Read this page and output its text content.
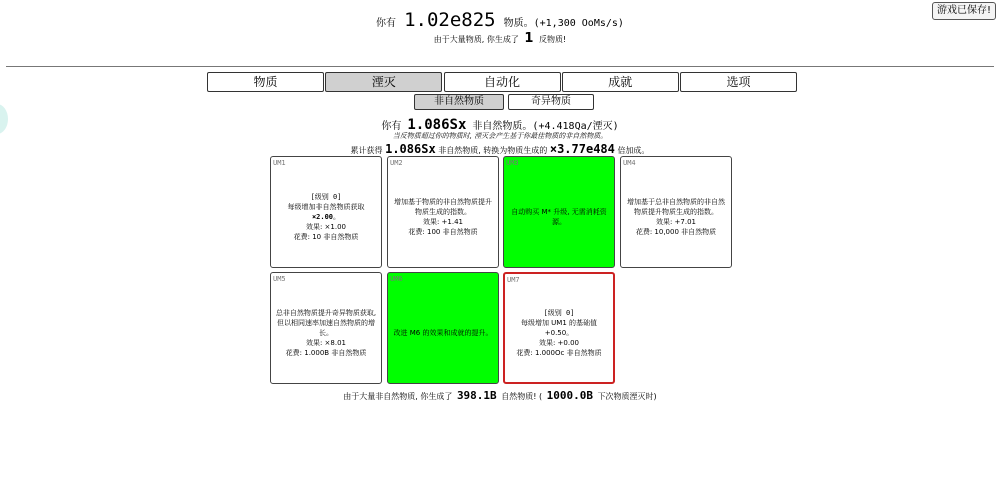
游戏已保存!
你有 1.02e825 物质。(+1,300 OoMs/s)
由于大量物质, 你生成了 1 反物质!
物质	湮灭	自动化	成就	选项
非自然物质	奇异物质
你有 1.086Sx 非自然物质。(+4.418Qa/湮灭)
当反物质超过你的物质时, 湮灭会产生基于你最佳物质的非自然物质。
累计获得 1.086Sx 非自然物质, 转换为物质生成的 ×3.77e484 倍加成。
UM1
[级别 0]
每级增加非自然物质获取
×2.00。
效果: ×1.00
花费: 10 非自然物质
UM2
增加基于物质的非自然物质提升物质生成的指数。
效果: +1.41
花费: 100 非自然物质
UM3
自动购买 M* 升级, 无需消耗资源。
UM4
增加基于总非自然物质的非自然物质提升物质生成的指数。
效果: +7.01
花费: 10,000 非自然物质
UM5
总非自然物质提升奇异物质获取, 但以相同速率加速自然物质的增长。
效果: ×8.01
花费: 1.000B 非自然物质
UM6
改进 M6 的效果和成就的提升。
UM7
[级别 0]
每级增加 UM1 的基础值 +0.50。
效果: +0.00
花费: 1.000Oc 非自然物质
由于大量非自然物质, 你生成了 398.1B 自然物质! ( 1000.0B 下次物质湮灭时)
